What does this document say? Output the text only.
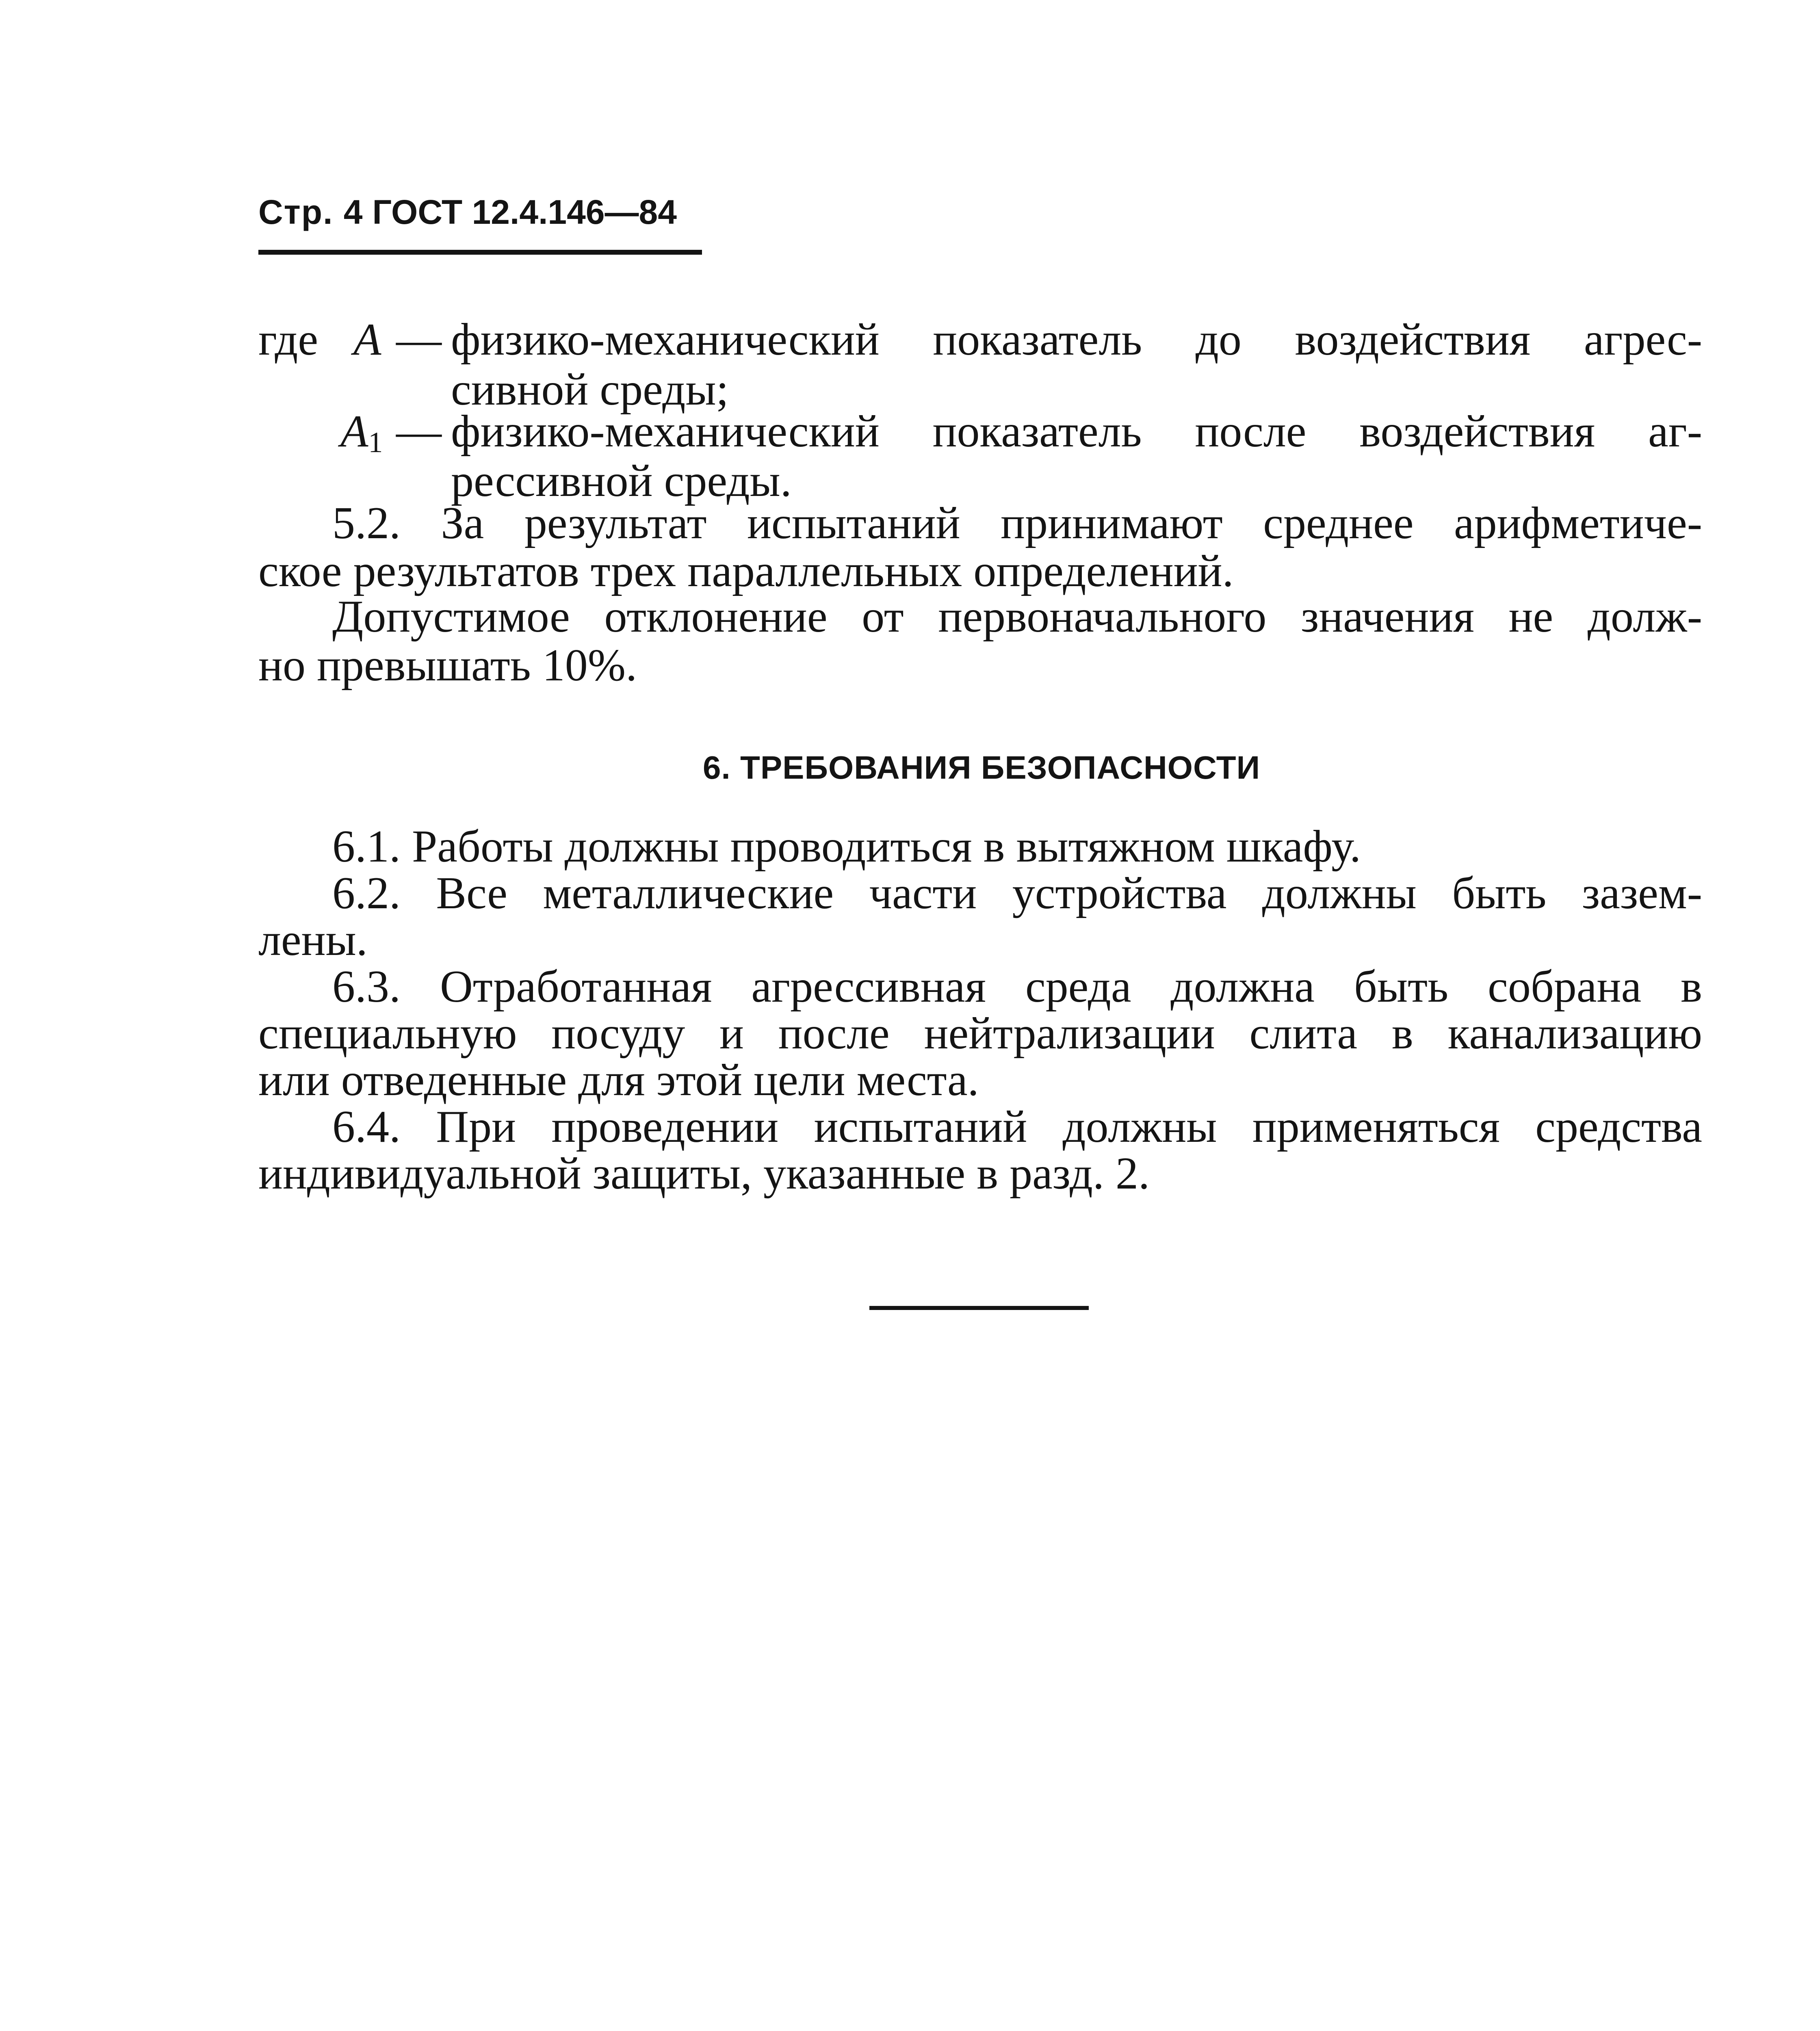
Стр. 4 ГОСТ 12.4.146—84
где A — физико-механический показатель до воздействия агрес-
сивной среды;
$A_1$ — физико-механический показатель после воздействия аг-
рессивной среды.
5.2. За результат испытаний принимают среднее арифметиче-
ское результатов трех параллельных определений.
Допустимое отклонение от первоначального значения не долж-
но превышать 10%.
6. ТРЕБОВАНИЯ БЕЗОПАСНОСТИ
6.1. Работы должны проводиться в вытяжном шкафу.
6.2. Все металлические части устройства должны быть зазем-
лены.
6.3. Отработанная агрессивная среда должна быть собрана в
специальную посуду и после нейтрализации слита в канализацию
или отведенные для этой цели места.
6.4. При проведении испытаний должны применяться средства
индивидуальной защиты, указанные в разд. 2.
